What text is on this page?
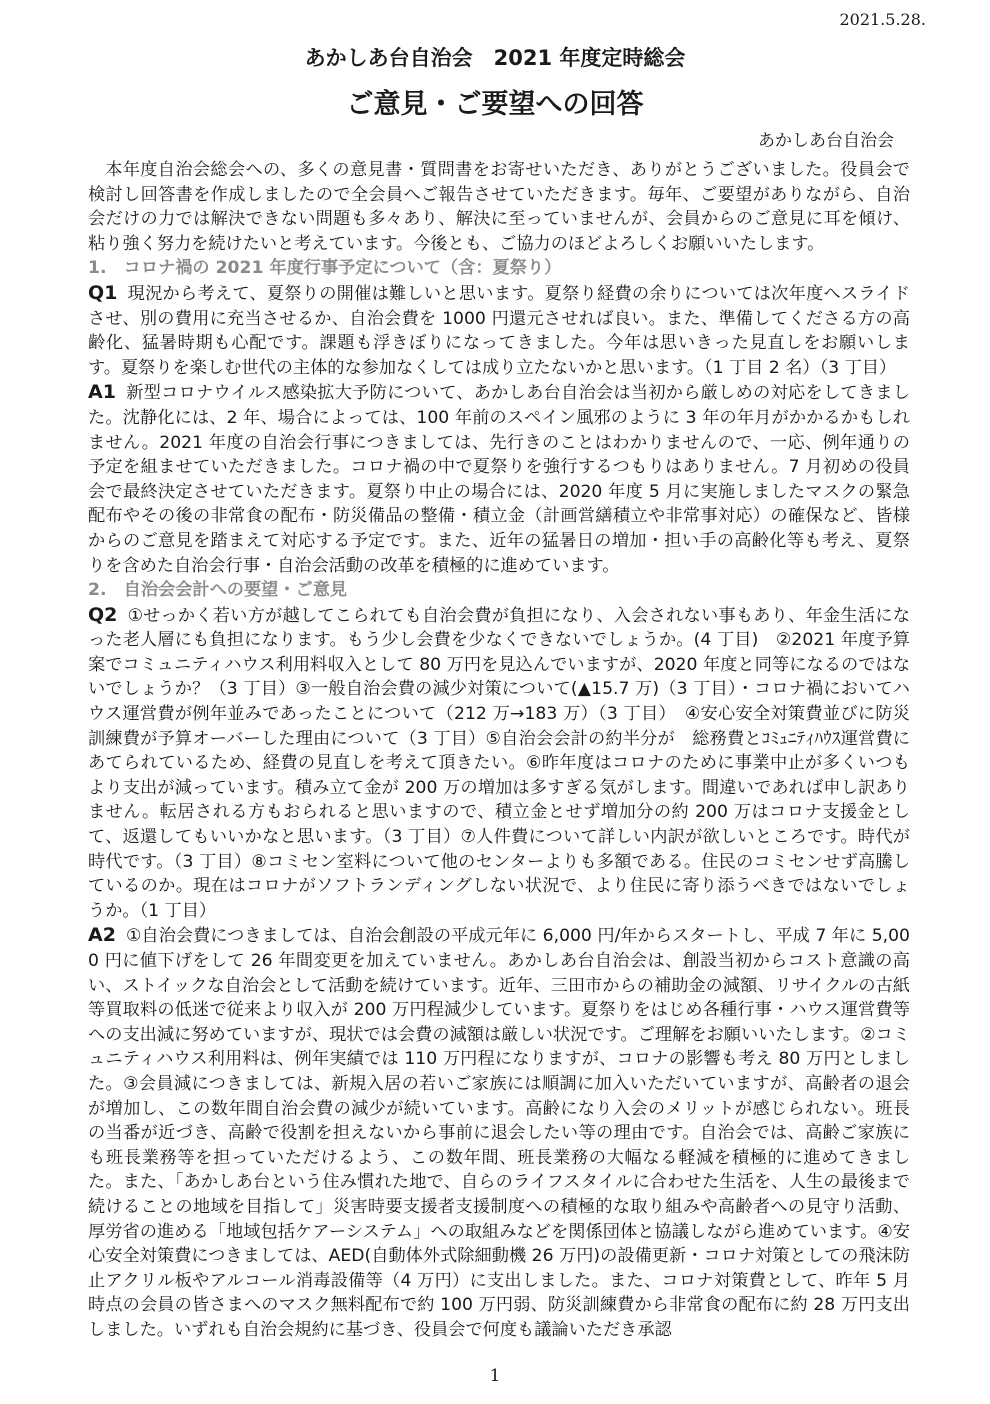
2021.5.28.
あかしあ台自治会　2021 年度定時総会
ご意見・ご要望への回答
あかしあ台自治会

本年度自治会総会への、多くの意見書・質問書をお寄せいただき、ありがとうございました。役員会で検討し回答書を作成しましたので全会員へご報告させていただきます。毎年、ご要望がありながら、自治会だけの力では解決できない問題も多々あり、解決に至っていませんが、会員からのご意見に耳を傾け、粘り強く努力を続けたいと考えています。今後とも、ご協力のほどよろしくお願いいたします。

1.　コロナ禍の 2021 年度行事予定について（含：夏祭り）

Q1 現況から考えて、夏祭りの開催は難しいと思います。夏祭り経費の余りについては次年度へスライドさせ、別の費用に充当させるか、自治会費を 1000 円還元させれば良い。また、準備してくださる方の高齢化、猛暑時期も心配です。課題も浮きぼりになってきました。今年は思いきった見直しをお願いします。夏祭りを楽しむ世代の主体的な参加なくしては成り立たないかと思います。（1 丁目 2 名）（3 丁目）

A1 新型コロナウイルス感染拡大予防について、あかしあ台自治会は当初から厳しめの対応をしてきました。沈静化には、2 年、場合によっては、100 年前のスペイン風邪のように 3 年の年月がかかるかもしれません。2021 年度の自治会行事につきましては、先行きのことはわかりませんので、一応、例年通りの予定を組ませていただきました。コロナ禍の中で夏祭りを強行するつもりはありません。7 月初めの役員会で最終決定させていただきます。夏祭り中止の場合には、2020 年度 5 月に実施しましたマスクの緊急配布やその後の非常食の配布・防災備品の整備・積立金（計画営繕積立や非常事対応）の確保など、皆様からのご意見を踏まえて対応する予定です。また、近年の猛暑日の増加・担い手の高齢化等も考え、夏祭りを含めた自治会行事・自治会活動の改革を積極的に進めています。

2.　自治会会計への要望・ご意見

Q2 ①せっかく若い方が越してこられても自治会費が負担になり、入会されない事もあり、年金生活になった老人層にも負担になります。もう少し会費を少なくできないでしょうか。(4 丁目)　②2021 年度予算案でコミュニティハウス利用料収入として 80 万円を見込んでいますが、2020 年度と同等になるのではないでしょうか？（3 丁目）③一般自治会費の減少対策について(▲15.7 万)（3 丁目）・コロナ禍においてハウス運営費が例年並みであったことについて（212 万→183 万）（3 丁目）　④安心安全対策費並びに防災訓練費が予算オーバーした理由について（3 丁目）⑤自治会会計の約半分が　総務費とｺﾐｭﾆﾃｨﾊｳｽ運営費にあてられているため、経費の見直しを考えて頂きたい。⑥昨年度はコロナのために事業中止が多くいつもより支出が減っています。積み立て金が 200 万の増加は多すぎる気がします。間違いであれば申し訳ありません。転居される方もおられると思いますので、積立金とせず増加分の約 200 万はコロナ支援金として、返還してもいいかなと思います。（3 丁目）⑦人件費について詳しい内訳が欲しいところです。時代が時代です。（3 丁目）⑧コミセン室料について他のセンターよりも多額である。住民のコミセンせず高騰しているのか。現在はコロナがソフトランディングしない状況で、より住民に寄り添うべきではないでしょうか。（1 丁目）

A2 ①自治会費につきましては、自治会創設の平成元年に 6,000 円/年からスタートし、平成 7 年に 5,000 円に値下げをして 26 年間変更を加えていません。あかしあ台自治会は、創設当初からコスト意識の高い、ストイックな自治会として活動を続けています。近年、三田市からの補助金の減額、リサイクルの古紙等買取料の低迷で従来より収入が 200 万円程減少しています。夏祭りをはじめ各種行事・ハウス運営費等への支出減に努めていますが、現状では会費の減額は厳しい状況です。ご理解をお願いいたします。②コミュニティハウス利用料は、例年実績では 110 万円程になりますが、コロナの影響も考え 80 万円としました。③会員減につきましては、新規入居の若いご家族には順調に加入いただいていますが、高齢者の退会が増加し、この数年間自治会費の減少が続いています。高齢になり入会のメリットが感じられない。班長の当番が近づき、高齢で役割を担えないから事前に退会したい等の理由です。自治会では、高齢ご家族にも班長業務等を担っていただけるよう、この数年間、班長業務の大幅なる軽減を積極的に進めてきました。また、「あかしあ台という住み慣れた地で、自らのライフスタイルに合わせた生活を、人生の最後まで続けることの地域を目指して」災害時要支援者支援制度への積極的な取り組みや高齢者への見守り活動、厚労省の進める「地域包括ケアーシステム」への取組みなどを関係団体と協議しながら進めています。④安心安全対策費につきましては、AED(自動体外式除細動機 26 万円)の設備更新・コロナ対策としての飛沫防止アクリル板やアルコール消毒設備等（4 万円）に支出しました。また、コロナ対策費として、昨年 5 月時点の会員の皆さまへのマスク無料配布で約 100 万円弱、防災訓練費から非常食の配布に約 28 万円支出しました。いずれも自治会規約に基づき、役員会で何度も議論いただき承認

1
